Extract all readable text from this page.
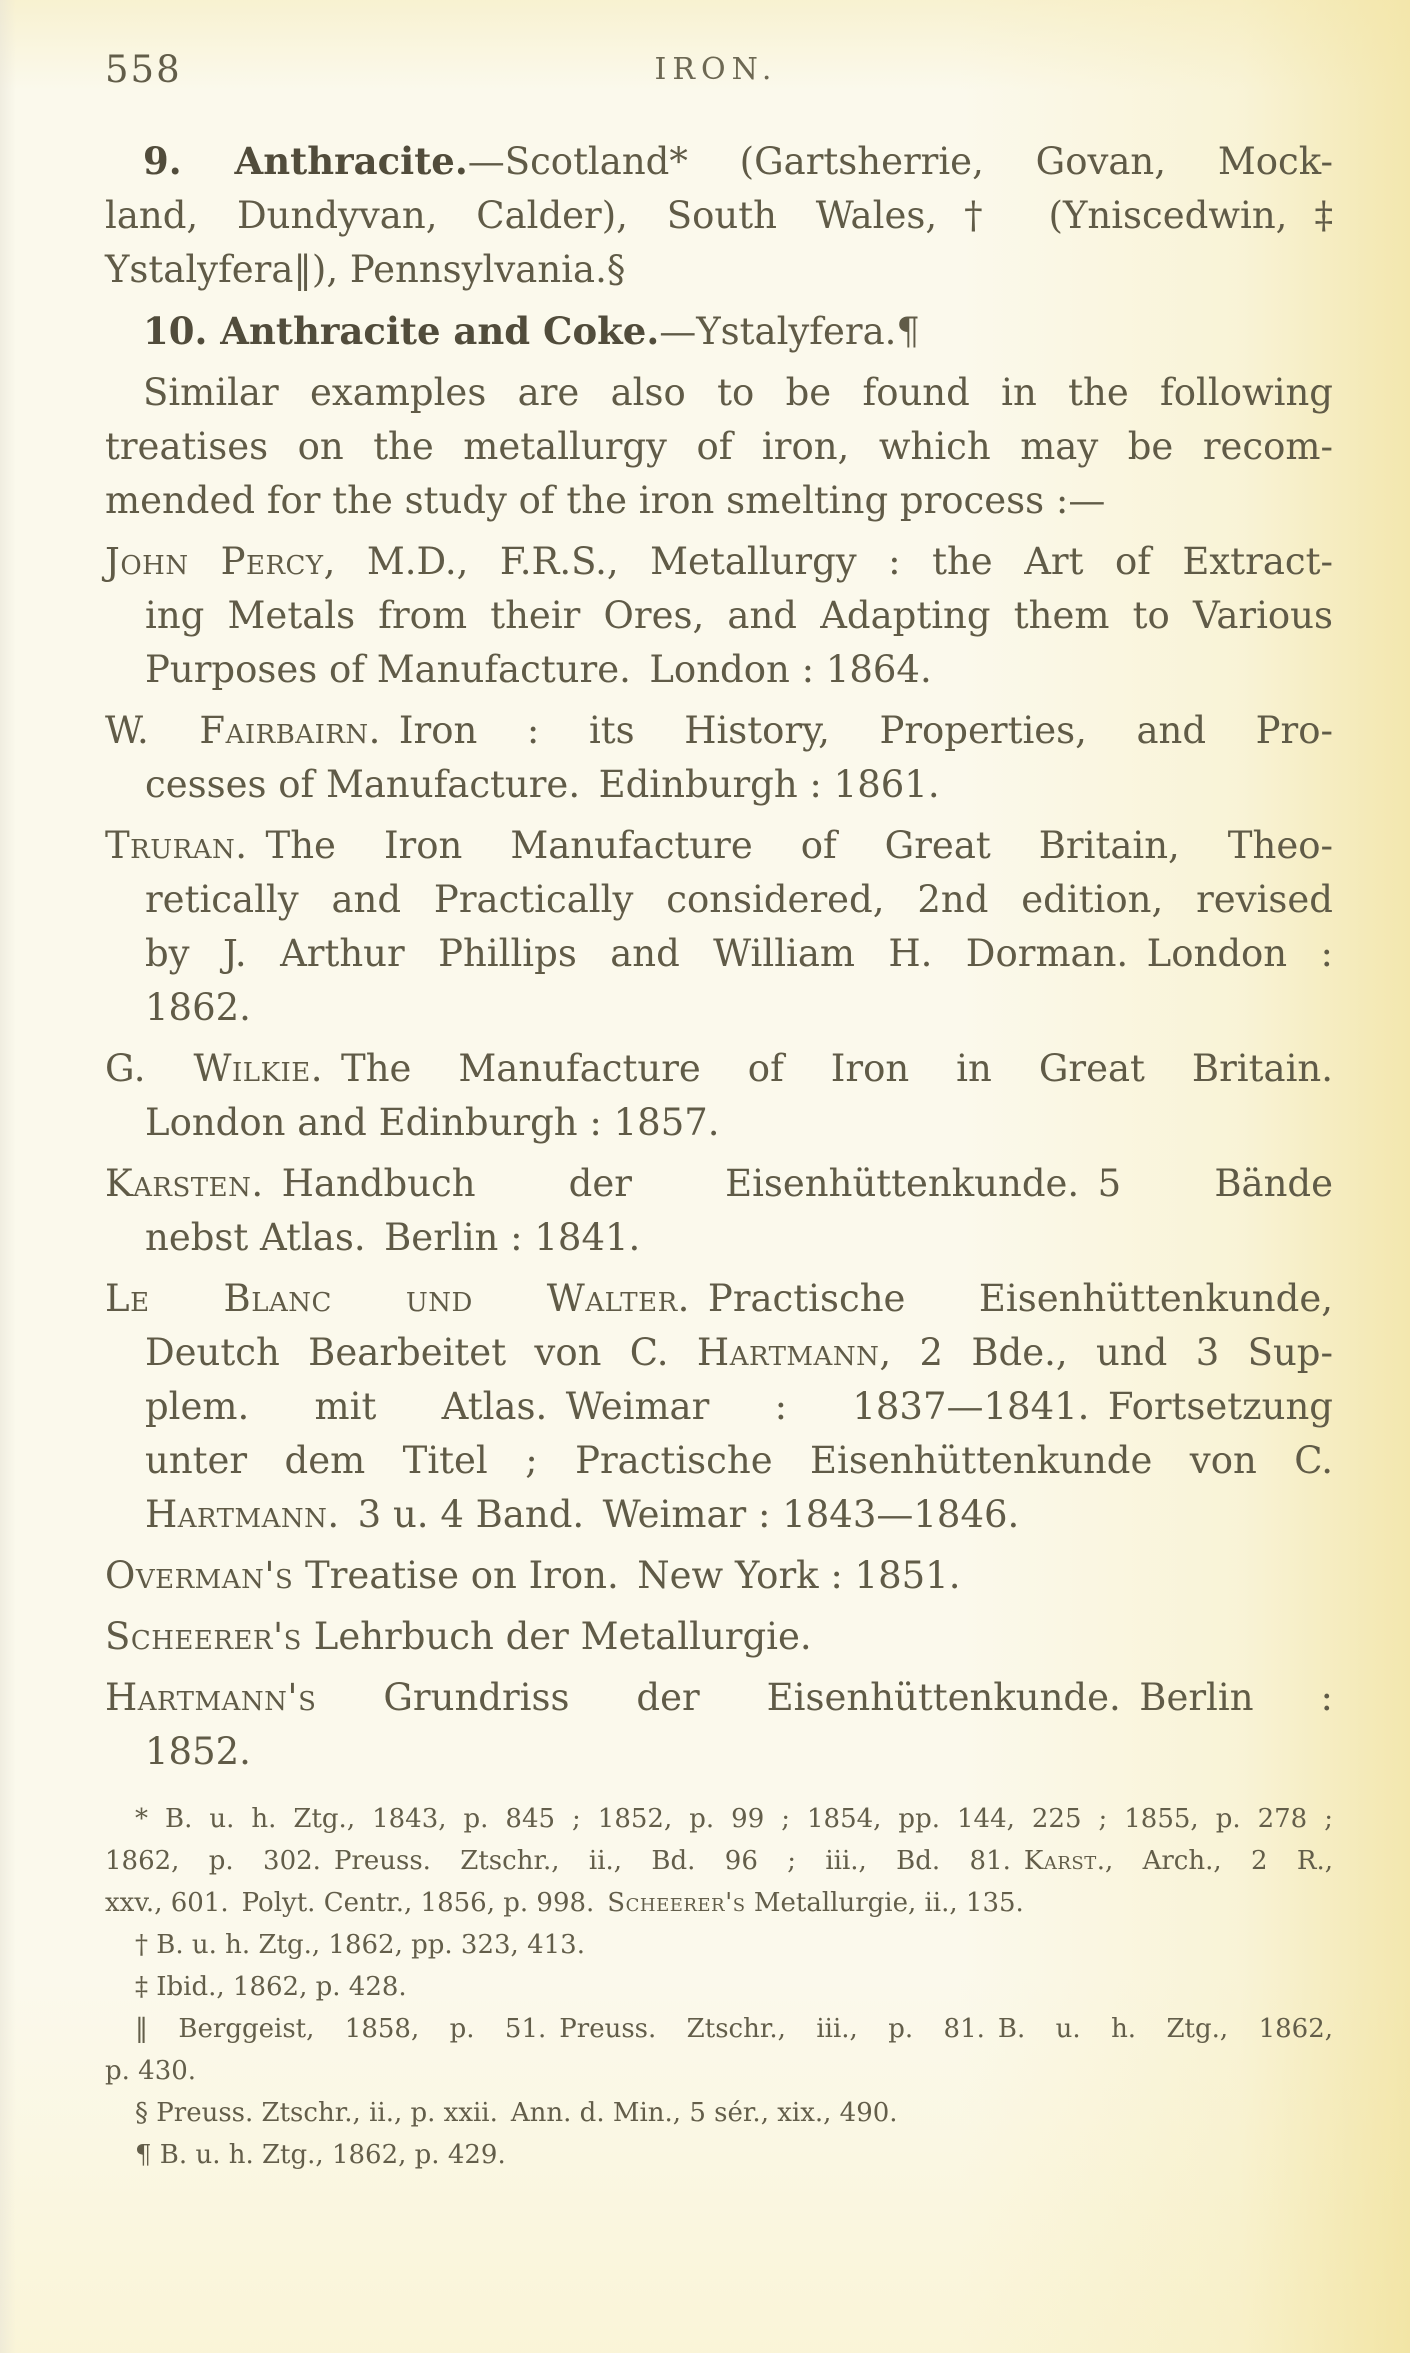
558	IRON.

9. Anthracite.—Scotland* (Gartsherrie, Govan, Mock-
land, Dundyvan, Calder), South Wales,† (Yniscedwin,‡
Ystalyfera‖), Pennsylvania.§

10. Anthracite and Coke.—Ystalyfera.¶

Similar examples are also to be found in the following
treatises on the metallurgy of iron, which may be recom-
mended for the study of the iron smelting process :—

John Percy, M.D., F.R.S., Metallurgy : the Art of Extract-
ing Metals from their Ores, and Adapting them to Various
Purposes of Manufacture. London : 1864.

W. Fairbairn. Iron : its History, Properties, and Pro-
cesses of Manufacture. Edinburgh : 1861.

Truran. The Iron Manufacture of Great Britain, Theo-
retically and Practically considered, 2nd edition, revised
by J. Arthur Phillips and William H. Dorman. London :
1862.

G. Wilkie. The Manufacture of Iron in Great Britain.
London and Edinburgh : 1857.

Karsten. Handbuch der Eisenhüttenkunde. 5 Bände
nebst Atlas. Berlin : 1841.

Le Blanc und Walter. Practische Eisenhüttenkunde,
Deutch Bearbeitet von C. Hartmann, 2 Bde., und 3 Sup-
plem. mit Atlas. Weimar : 1837—1841. Fortsetzung
unter dem Titel ; Practische Eisenhüttenkunde von C.
Hartmann. 3 u. 4 Band. Weimar : 1843—1846.

Overman's Treatise on Iron. New York : 1851.

Scheerer's Lehrbuch der Metallurgie.

Hartmann's Grundriss der Eisenhüttenkunde. Berlin :
1852.

* B. u. h. Ztg., 1843, p. 845 ; 1852, p. 99 ; 1854, pp. 144, 225 ; 1855, p. 278 ;
1862, p. 302. Preuss. Ztschr., ii., Bd. 96 ; iii., Bd. 81. Karst., Arch., 2 R.,
xxv., 601. Polyt. Centr., 1856, p. 998. Scheerer's Metallurgie, ii., 135.
† B. u. h. Ztg., 1862, pp. 323, 413.
‡ Ibid., 1862, p. 428.
‖ Berggeist, 1858, p. 51. Preuss. Ztschr., iii., p. 81. B. u. h. Ztg., 1862,
p. 430.
§ Preuss. Ztschr., ii., p. xxii. Ann. d. Min., 5 sér., xix., 490.
¶ B. u. h. Ztg., 1862, p. 429.
